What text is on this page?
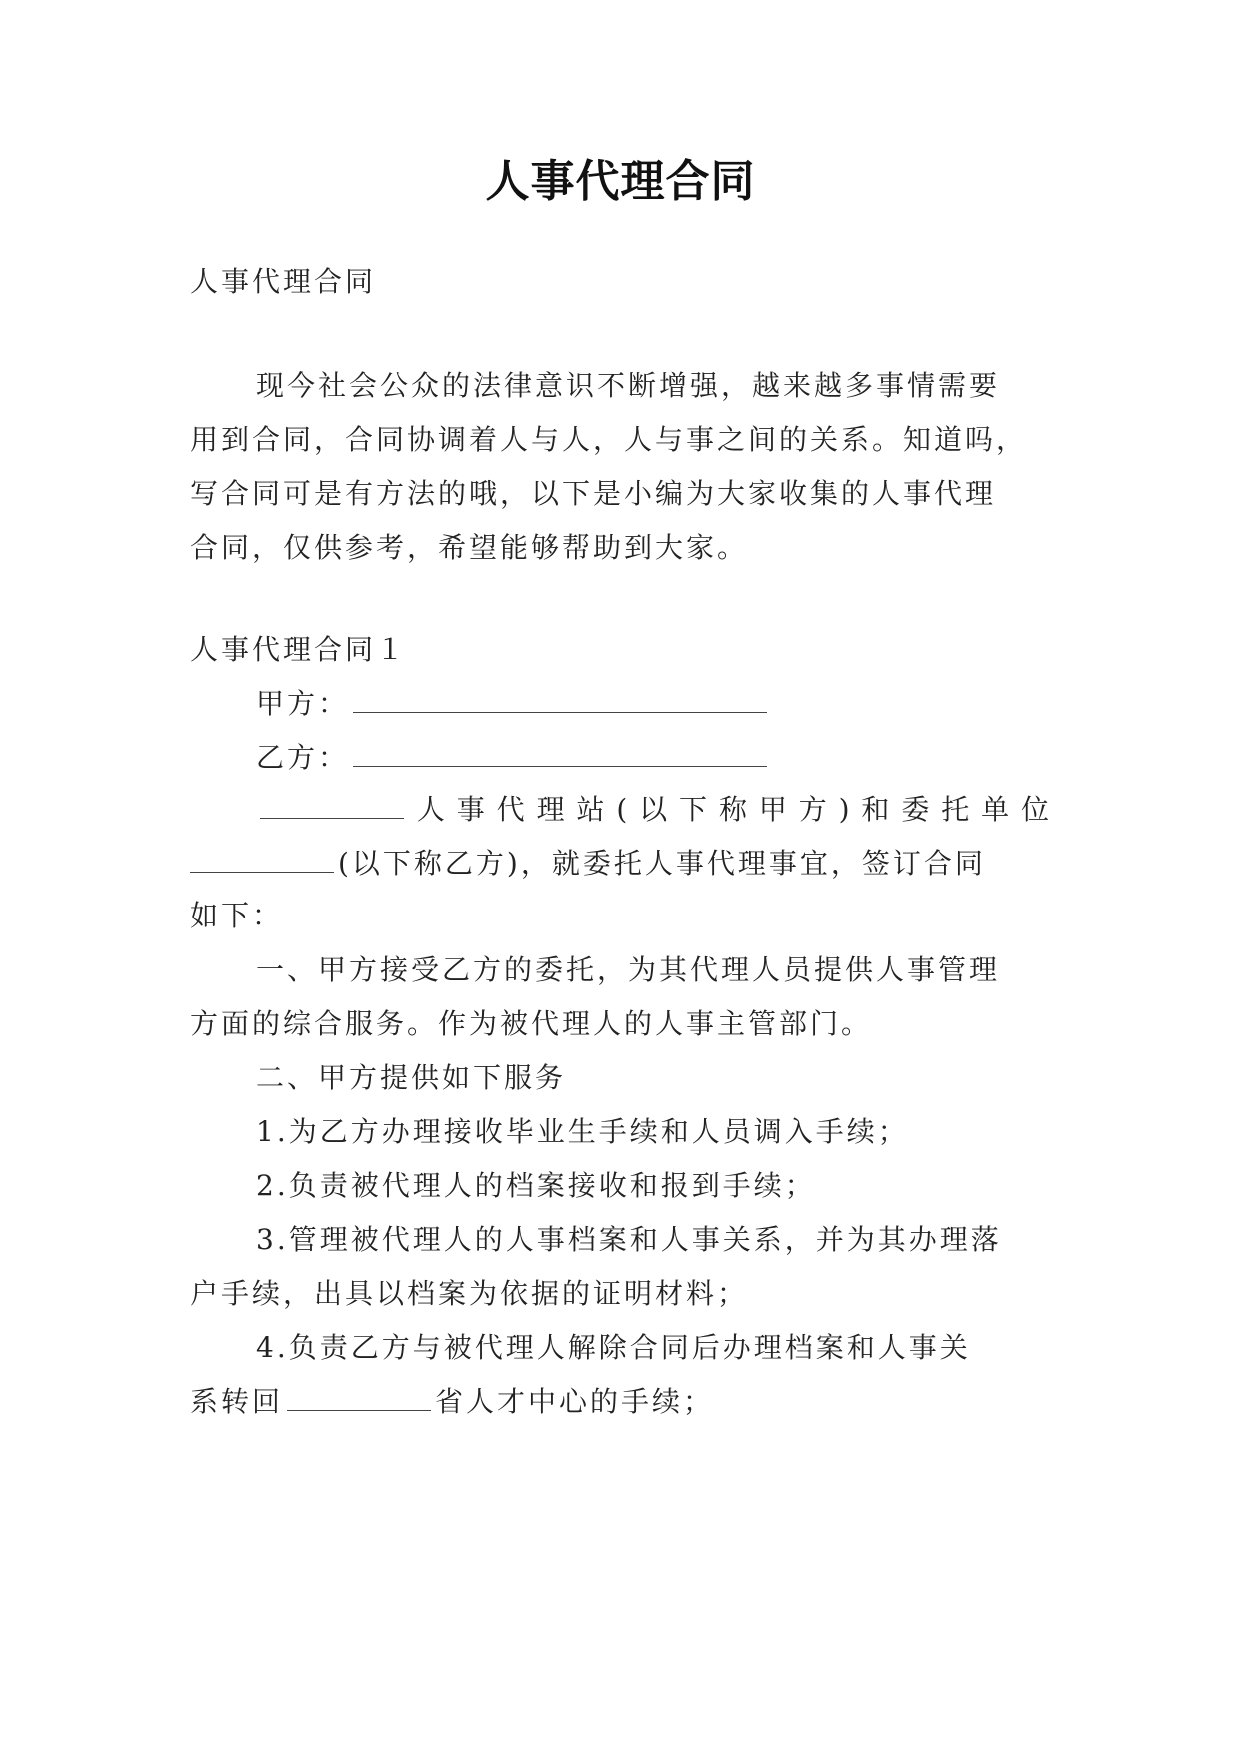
人事代理合同
人事代理合同
现今社会公众的法律意识不断增强，越来越多事情需要
用到合同，合同协调着人与人，人与事之间的关系。知道吗，
写合同可是有方法的哦，以下是小编为大家收集的人事代理
合同，仅供参考，希望能够帮助到大家。
人事代理合同１
甲方：
乙方：
人事代理站(以下称甲方)和委托单位
(以下称乙方)，就委托人事代理事宜，签订合同
如下：
一、甲方接受乙方的委托，为其代理人员提供人事管理
方面的综合服务。作为被代理人的人事主管部门。
二、甲方提供如下服务
1.为乙方办理接收毕业生手续和人员调入手续；
2.负责被代理人的档案接收和报到手续；
3.管理被代理人的人事档案和人事关系，并为其办理落
户手续，出具以档案为依据的证明材料；
4.负责乙方与被代理人解除合同后办理档案和人事关
系转回	省人才中心的手续；
